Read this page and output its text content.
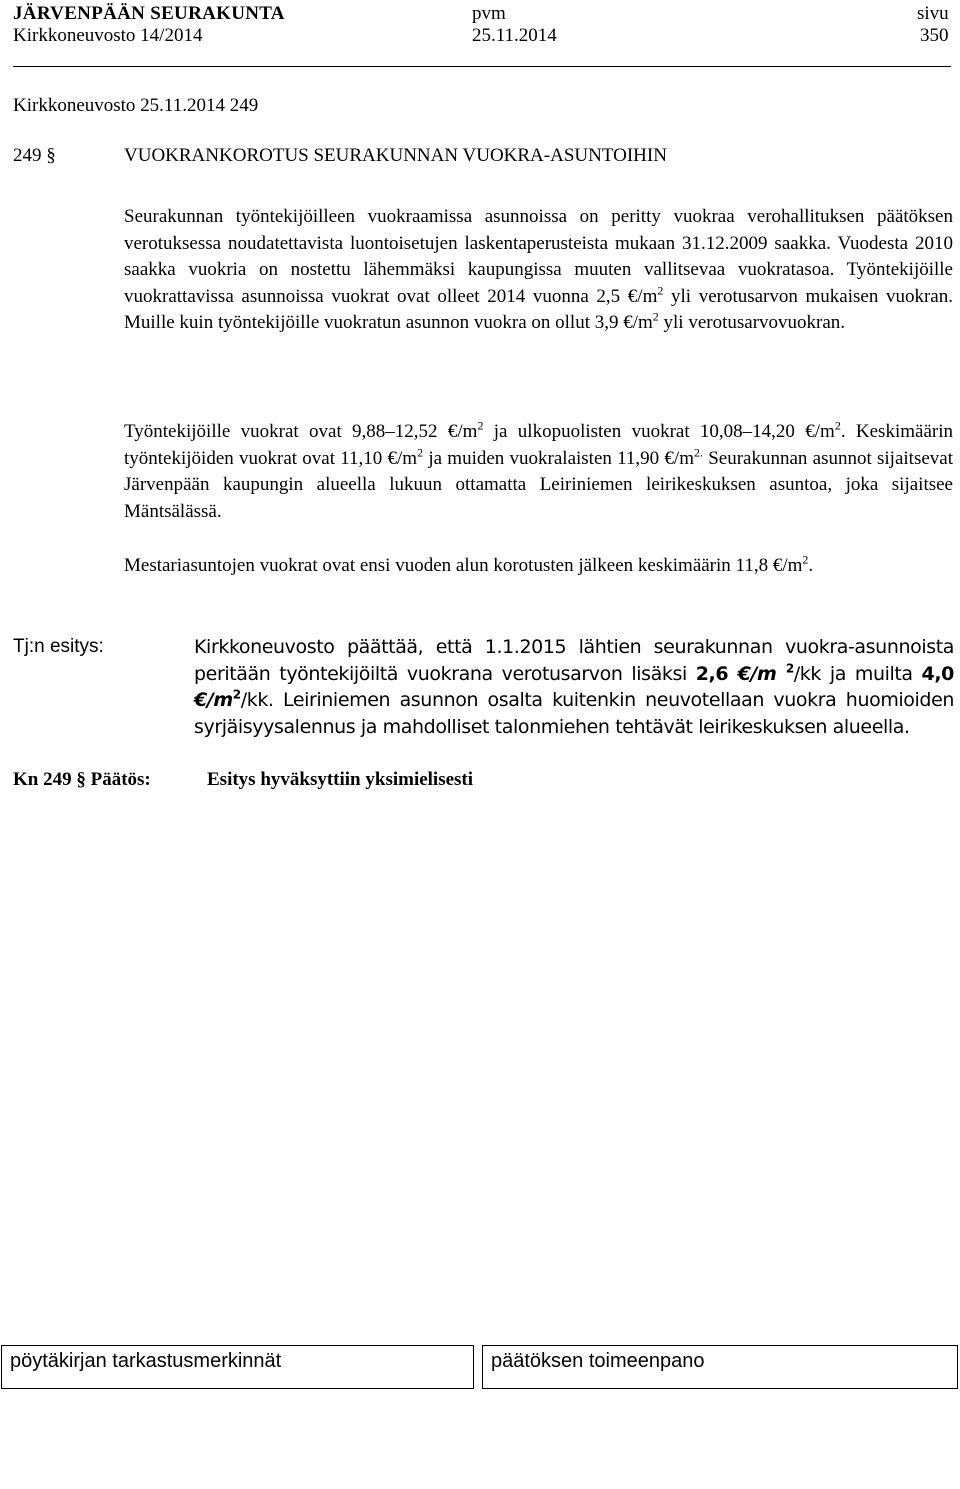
JÄRVENPÄÄN SEURAKUNTA
Kirkkoneuvosto 14/2014
pvm
25.11.2014
sivu
350
Kirkkoneuvosto 25.11.2014 249
249 §	VUOKRANKOROTUS SEURAKUNNAN VUOKRA-ASUNTOIHIN
Seurakunnan työntekijöilleen vuokraamissa asunnoissa on peritty vuokraa verohallituksen päätöksen verotuksessa noudatettavista luontoisetujen laskentaperusteista mukaan 31.12.2009 saakka. Vuodesta 2010 saakka vuokria on nostettu lähemmäksi kaupungissa muuten vallitsevaa vuokratasoa. Työntekijöille vuokrattavissa asunnoissa vuokrat ovat olleet 2014 vuonna 2,5 $€/m^2$ yli verotusarvon mukaisen vuokran. Muille kuin työntekijöille vuokratun asunnon vuokra on ollut 3,9 $€/m^2$ yli verotusarvovuokran.
Työntekijöille vuokrat ovat 9,88–12,52 $€/m^2$ ja ulkopuolisten vuokrat 10,08–14,20 $€/m^2$. Keskimäärin työntekijöiden vuokrat ovat 11,10 $€/m^2$ ja muiden vuokralaisten 11,90 $€/m^{2.}$ Seurakunnan asunnot sijaitsevat Järvenpään kaupungin alueella lukuun ottamatta Leiriniemen leirikeskuksen asuntoa, joka sijaitsee Mäntsälässä.
Mestariasuntojen vuokrat ovat ensi vuoden alun korotusten jälkeen keskimäärin 11,8 $€/m^2$.
Tj:n esitys:	Kirkkoneuvosto päättää, että 1.1.2015 lähtien seurakunnan vuokra-asunnoista peritään työntekijöiltä vuokrana verotusarvon lisäksi 2,6 €/m $^2$/kk ja muilta 4,0 $€/m^2/kk$. Leiriniemen asunnon osalta kuitenkin neuvotellaan vuokra huomioiden syrjäisyysalennus ja mahdolliset talonmiehen tehtävät leirikeskuksen alueella.
Kn 249 § Päätös:	Esitys hyväksyttiin yksimielisesti
pöytäkirjan tarkastusmerkinnät	päätöksen toimeenpano
